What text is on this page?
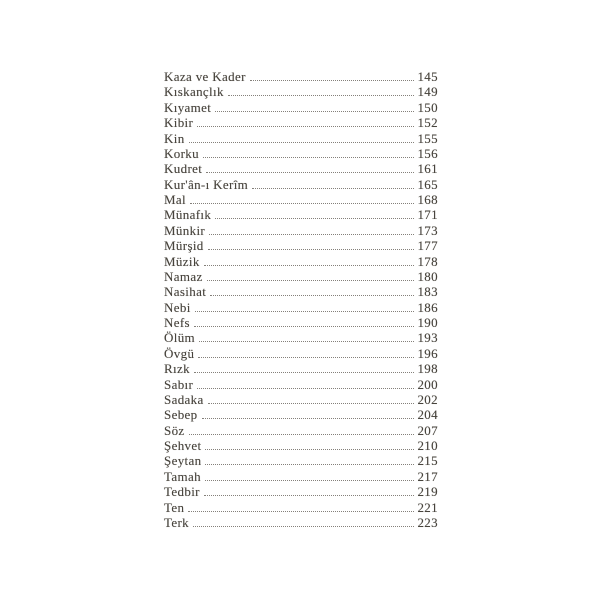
Kaza ve Kader	145
Kıskançlık	149
Kıyamet	150
Kibir	152
Kin	155
Korku	156
Kudret	161
Kur'ân-ı Kerîm	165
Mal	168
Münafık	171
Münkir	173
Mürşid	177
Müzik	178
Namaz	180
Nasihat	183
Nebi	186
Nefs	190
Ölüm	193
Övgü	196
Rızk	198
Sabır	200
Sadaka	202
Sebep	204
Söz	207
Şehvet	210
Şeytan	215
Tamah	217
Tedbir	219
Ten	221
Terk	223
